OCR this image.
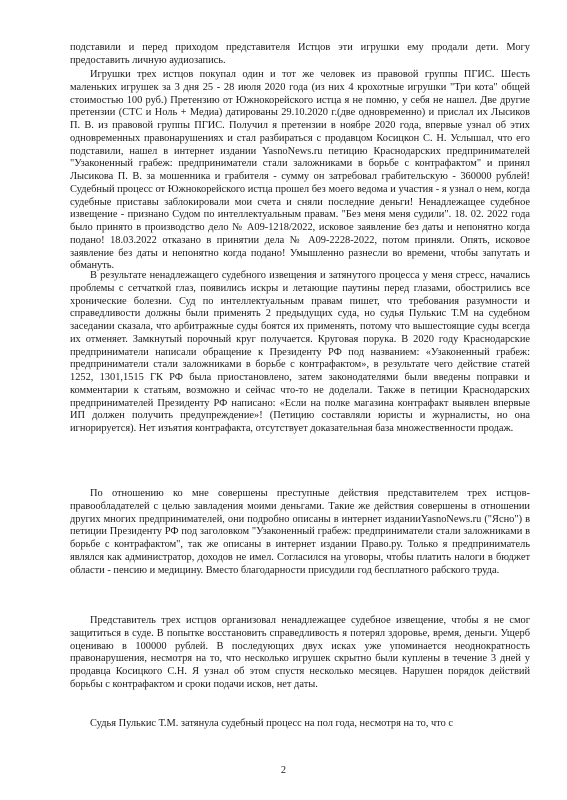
подставили и перед приходом представителя Истцов эти игрушки ему продали дети. Могу предоставить личную аудиозапись.

Игрушки трех истцов покупал один и тот же человек из правовой группы ПГИС. Шесть маленьких игрушек за 3 дня 25 - 28 июля 2020 года (из них 4 крохотные игрушки "Три кота" общей стоимостью 100 руб.) Претензию от Южнокорейского истца я не помню, у себя не нашел. Две другие претензии (СТС и Ноль + Медиа) датированы 29.10.2020 г.(две одновременно) и прислал их Лысиков П. В. из правовой группы ПГИС. Получил я претензии в ноябре 2020 года, впервые узнал об этих одновременных правонарушениях и стал разбираться с продавцом Косицкон С. Н. Услышал, что его подставили, нашел в интернет издании YasnoNews.ru петицию Краснодарских предпринимателей "Узаконенный грабеж: предприниматели стали заложниками в борьбе с контрафактом" и принял Лысикова П. В. за мошенника и грабителя - сумму он затребовал грабительскую - 360000 рублей! Судебный процесс от Южнокорейского истца прошел без моего ведома и участия - я узнал о нем, когда судебные приставы заблокировали мои счета и сняли последние деньги! Ненадлежащее судебное извещение - признано Судом по интеллектуальным правам. "Без меня меня судили". 18. 02. 2022 года было принято в производство дело № А09-1218/2022, исковое заявление без даты и непонятно когда подано! 18.03.2022 отказано в принятии дела № А09-2228-2022, потом приняли. Опять, исковое заявление без даты и непонятно когда подано! Умышленно разнесли во времени, чтобы запутать и обмануть.

В результате ненадлежащего судебного извещения и затянутого процесса у меня стресс, начались проблемы с сетчаткой глаз, появились искры и летающие паутины перед глазами, обострились все хронические болезни. Суд по интеллектуальным правам пишет, что требования разумности и справедливости должны были применять 2 предыдущих суда, но судья Пулькис Т.М на судебном заседании сказала, что арбитражные суды боятся их применять, потому что вышестоящие суды всегда их отменяет. Замкнутый порочный круг получается. Круговая порука. В 2020 году Краснодарские предприниматели написали обращение к Президенту РФ под названием: «Узаконенный грабеж: предприниматели стали заложниками в борьбе с контрафактом», в результате чего действие статей 1252, 1301,1515 ГК РФ была приостановлено, затем законодателями были введены поправки и комментарии к статьям, возможно и сейчас что-то не доделали. Также в петиции Краснодарских предпринимателей Президенту РФ написано: «Если на полке магазина контрафакт выявлен впервые ИП должен получить предупреждение»! (Петицию составляли юристы и журналисты, но она игнорируется). Нет изъятия контрафакта, отсутствует доказательная база множественности продаж.

По отношению ко мне совершены преступные действия представителем трех истцов-правообладателей с целью завладения моими деньгами. Такие же действия совершены в отношении других многих предпринимателей, они подробно описаны в интернет изданииYasnoNews.ru ("Ясно") в петиции Президенту РФ под заголовком "Узаконенный грабеж: предприниматели стали заложниками в борьбе с контрафактом", так же описаны в интернет издании Право.ру. Только я предприниматель являлся как администратор, доходов не имел. Согласился на уговоры, чтобы платить налоги в бюджет области - пенсию и медицину. Вместо благодарности присудили год бесплатного рабского труда.

Представитель трех истцов организовал ненадлежащее судебное извещение, чтобы я не смог защититься в суде. В попытке восстановить справедливость я потерял здоровье, время, деньги. Ущерб оцениваю в 100000 рублей. В последующих двух исках уже упоминается неоднократность правонарушения, несмотря на то, что несколько игрушек скрытно были куплены в течение 3 дней у продавца Косицкого С.Н. Я узнал об этом спустя несколько месяцев. Нарушен порядок действий борьбы с контрафактом и сроки подачи исков, нет даты.

Судья Пулькис Т.М. затянула судебный процесс на пол года, несмотря на то, что с

2
